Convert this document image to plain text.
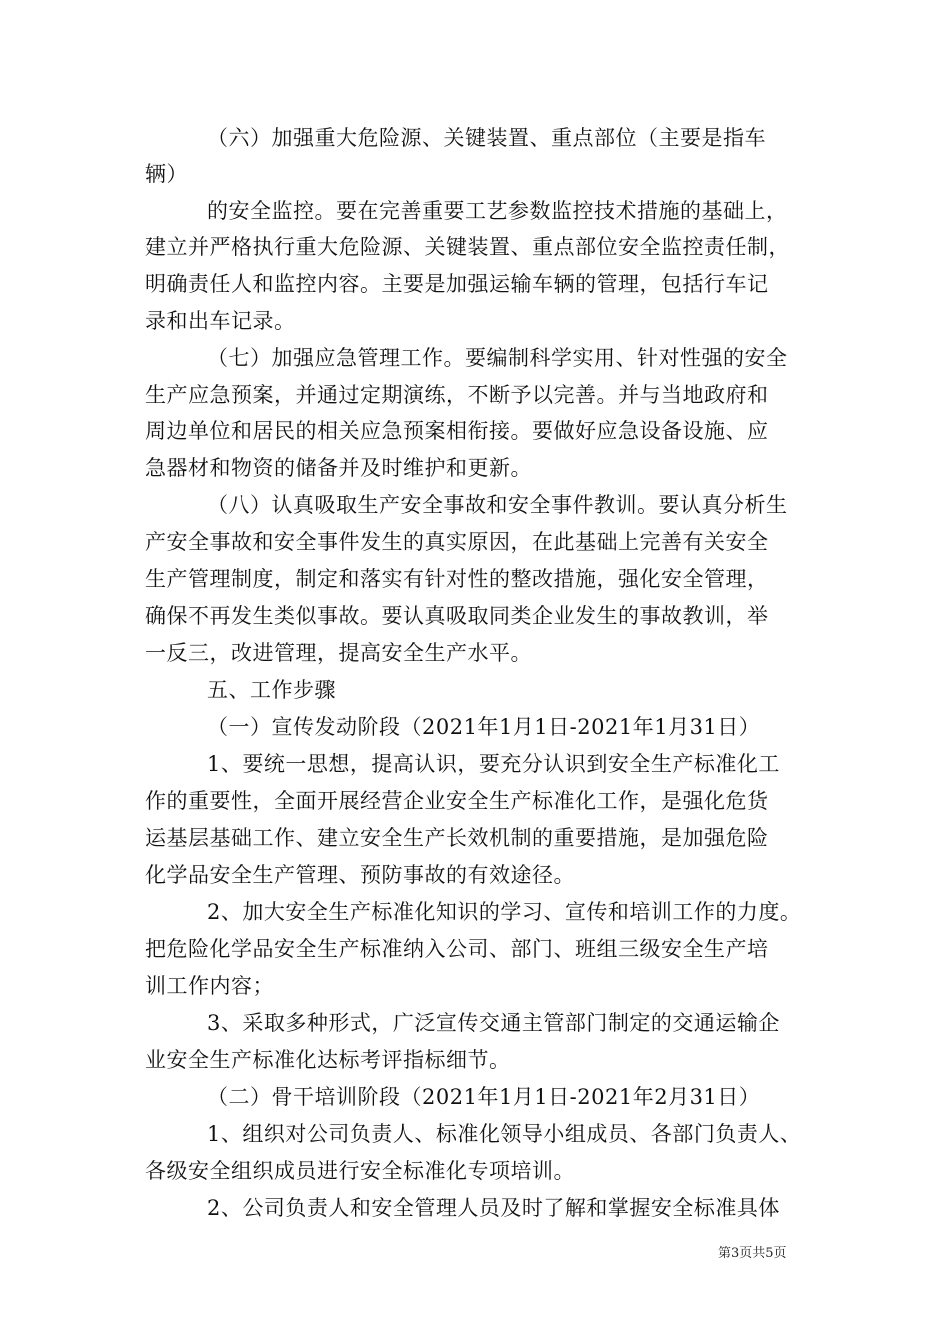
（六）加强重大危险源、关键装置、重点部位（主要是指车
辆）
的安全监控。要在完善重要工艺参数监控技术措施的基础上，
建立并严格执行重大危险源、关键装置、重点部位安全监控责任制，
明确责任人和监控内容。主要是加强运输车辆的管理，包括行车记
录和出车记录。
（七）加强应急管理工作。要编制科学实用、针对性强的安全
生产应急预案，并通过定期演练，不断予以完善。并与当地政府和
周边单位和居民的相关应急预案相衔接。要做好应急设备设施、应
急器材和物资的储备并及时维护和更新。
（八）认真吸取生产安全事故和安全事件教训。要认真分析生
产安全事故和安全事件发生的真实原因，在此基础上完善有关安全
生产管理制度，制定和落实有针对性的整改措施，强化安全管理，
确保不再发生类似事故。要认真吸取同类企业发生的事故教训，举
一反三，改进管理，提高安全生产水平。
五、工作步骤
（一）宣传发动阶段（2021年1月1日-2021年1月31日）
1、要统一思想，提高认识，要充分认识到安全生产标准化工
作的重要性，全面开展经营企业安全生产标准化工作，是强化危货
运基层基础工作、建立安全生产长效机制的重要措施，是加强危险
化学品安全生产管理、预防事故的有效途径。
2、加大安全生产标准化知识的学习、宣传和培训工作的力度。
把危险化学品安全生产标准纳入公司、部门、班组三级安全生产培
训工作内容；
3、采取多种形式，广泛宣传交通主管部门制定的交通运输企
业安全生产标准化达标考评指标细节。
（二）骨干培训阶段（2021年1月1日-2021年2月31日）
1、组织对公司负责人、标准化领导小组成员、各部门负责人、
各级安全组织成员进行安全标准化专项培训。
2、公司负责人和安全管理人员及时了解和掌握安全标准具体
第3页共5页
